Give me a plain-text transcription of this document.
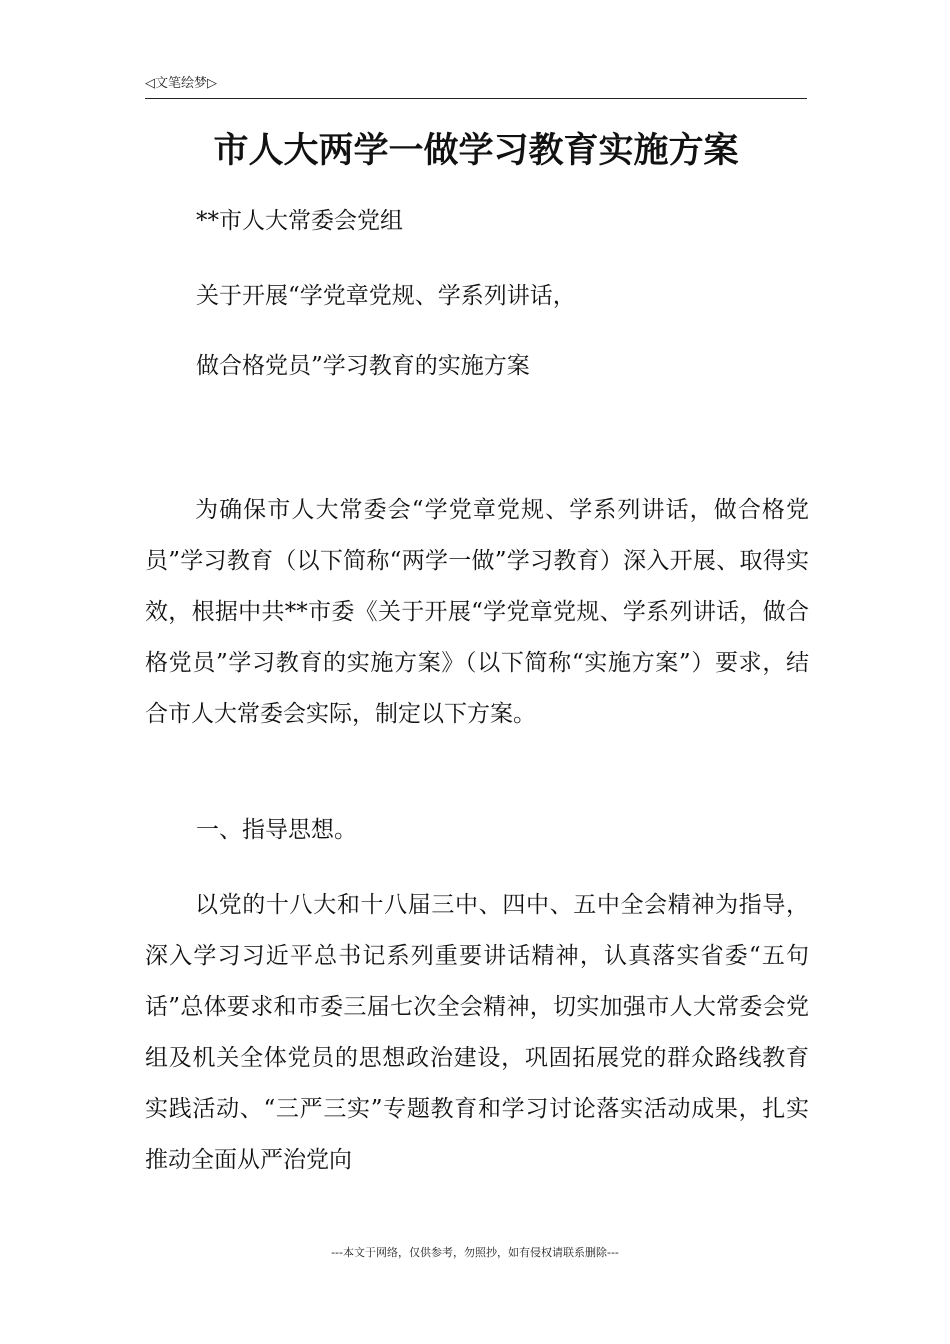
◁文笔绘梦▷
市人大两学一做学习教育实施方案
**市人大常委会党组
关于开展“学党章党规、学系列讲话，
做合格党员”学习教育的实施方案

为确保市人大常委会“学党章党规、学系列讲话，做合格党员”学习教育（以下简称“两学一做”学习教育）深入开展、取得实效，根据中共**市委《关于开展“学党章党规、学系列讲话，做合格党员”学习教育的实施方案》（以下简称“实施方案”）要求，结合市人大常委会实际，制定以下方案。

一、指导思想。

以党的十八大和十八届三中、四中、五中全会精神为指导，深入学习习近平总书记系列重要讲话精神，认真落实省委“五句话”总体要求和市委三届七次全会精神，切实加强市人大常委会党组及机关全体党员的思想政治建设，巩固拓展党的群众路线教育实践活动、“三严三实”专题教育和学习讨论落实活动成果，扎实推动全面从严治党向

---本文于网络，仅供参考，勿照抄，如有侵权请联系删除---
